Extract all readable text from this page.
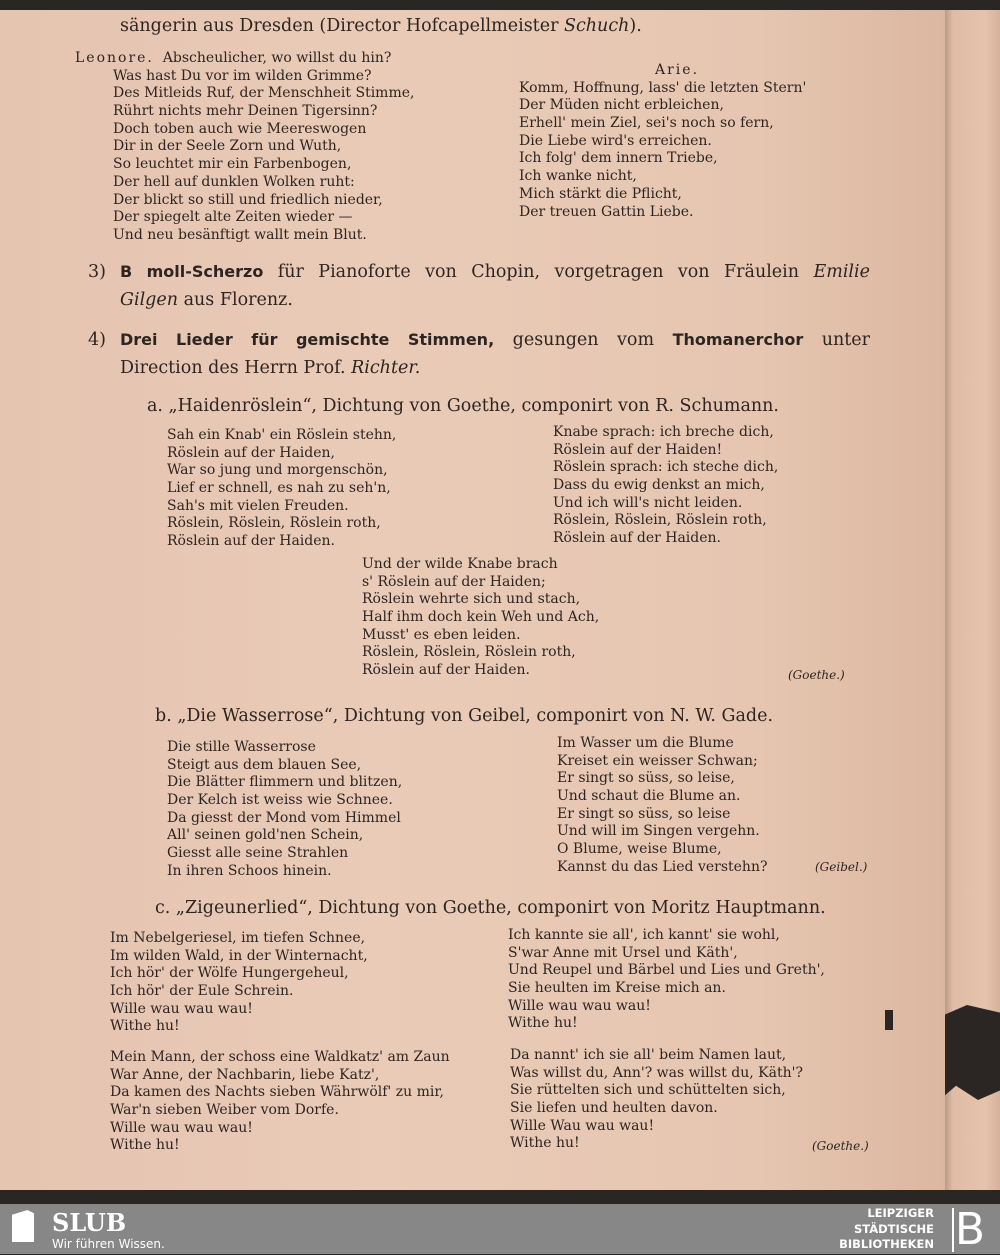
sängerin aus Dresden (Director Hofcapellmeister Schuch).
Leonore. Abscheulicher, wo willst du hin?
Was hast Du vor im wilden Grimme?
Des Mitleids Ruf, der Menschheit Stimme,
Rührt nichts mehr Deinen Tigersinn?
Doch toben auch wie Meereswogen
Dir in der Seele Zorn und Wuth,
So leuchtet mir ein Farbenbogen,
Der hell auf dunklen Wolken ruht:
Der blickt so still und friedlich nieder,
Der spiegelt alte Zeiten wieder —
Und neu besänftigt wallt mein Blut.
Arie.
Komm, Hoffnung, lass' die letzten Stern'
Der Müden nicht erbleichen,
Erhell' mein Ziel, sei's noch so fern,
Die Liebe wird's erreichen.
Ich folg' dem innern Triebe,
Ich wanke nicht,
Mich stärkt die Pflicht,
Der treuen Gattin Liebe.
3) B moll-Scherzo für Pianoforte von Chopin, vorgetragen von Fräulein Emilie
Gilgen aus Florenz.
4) Drei Lieder für gemischte Stimmen, gesungen vom Thomanerchor unter
Direction des Herrn Prof. Richter.
a. „Haidenröslein“, Dichtung von Goethe, componirt von R. Schumann.
Sah ein Knab' ein Röslein stehn,
Röslein auf der Haiden,
War so jung und morgenschön,
Lief er schnell, es nah zu seh'n,
Sah's mit vielen Freuden.
Röslein, Röslein, Röslein roth,
Röslein auf der Haiden.
Knabe sprach: ich breche dich,
Röslein auf der Haiden!
Röslein sprach: ich steche dich,
Dass du ewig denkst an mich,
Und ich will's nicht leiden.
Röslein, Röslein, Röslein roth,
Röslein auf der Haiden.
Und der wilde Knabe brach
s' Röslein auf der Haiden;
Röslein wehrte sich und stach,
Half ihm doch kein Weh und Ach,
Musst' es eben leiden.
Röslein, Röslein, Röslein roth,
Röslein auf der Haiden.	(Goethe.)
b. „Die Wasserrose“, Dichtung von Geibel, componirt von N. W. Gade.
Die stille Wasserrose
Steigt aus dem blauen See,
Die Blätter flimmern und blitzen,
Der Kelch ist weiss wie Schnee.
Da giesst der Mond vom Himmel
All' seinen gold'nen Schein,
Giesst alle seine Strahlen
In ihren Schoos hinein.
Im Wasser um die Blume
Kreiset ein weisser Schwan;
Er singt so süss, so leise,
Und schaut die Blume an.
Er singt so süss, so leise
Und will im Singen vergehn.
O Blume, weise Blume,
Kannst du das Lied verstehn?	(Geibel.)
c. „Zigeunerlied“, Dichtung von Goethe, componirt von Moritz Hauptmann.
Im Nebelgeriesel, im tiefen Schnee,
Im wilden Wald, in der Winternacht,
Ich hör' der Wölfe Hungergeheul,
Ich hör' der Eule Schrein.
Wille wau wau wau!
Withe hu!
Ich kannte sie all', ich kannt' sie wohl,
S'war Anne mit Ursel und Käth',
Und Reupel und Bärbel und Lies und Greth',
Sie heulten im Kreise mich an.
Wille wau wau wau!
Withe hu!
Mein Mann, der schoss eine Waldkatz' am Zaun
War Anne, der Nachbarin, liebe Katz',
Da kamen des Nachts sieben Währwölf' zu mir,
War'n sieben Weiber vom Dorfe.
Wille wau wau wau!
Withe hu!
Da nannt' ich sie all' beim Namen laut,
Was willst du, Ann'? was willst du, Käth'?
Sie rüttelten sich und schüttelten sich,
Sie liefen und heulten davon.
Wille Wau wau wau!
Withe hu!	(Goethe.)
SLUB
Wir führen Wissen.
LEIPZIGER
STÄDTISCHE
BIBLIOTHEKEN B
